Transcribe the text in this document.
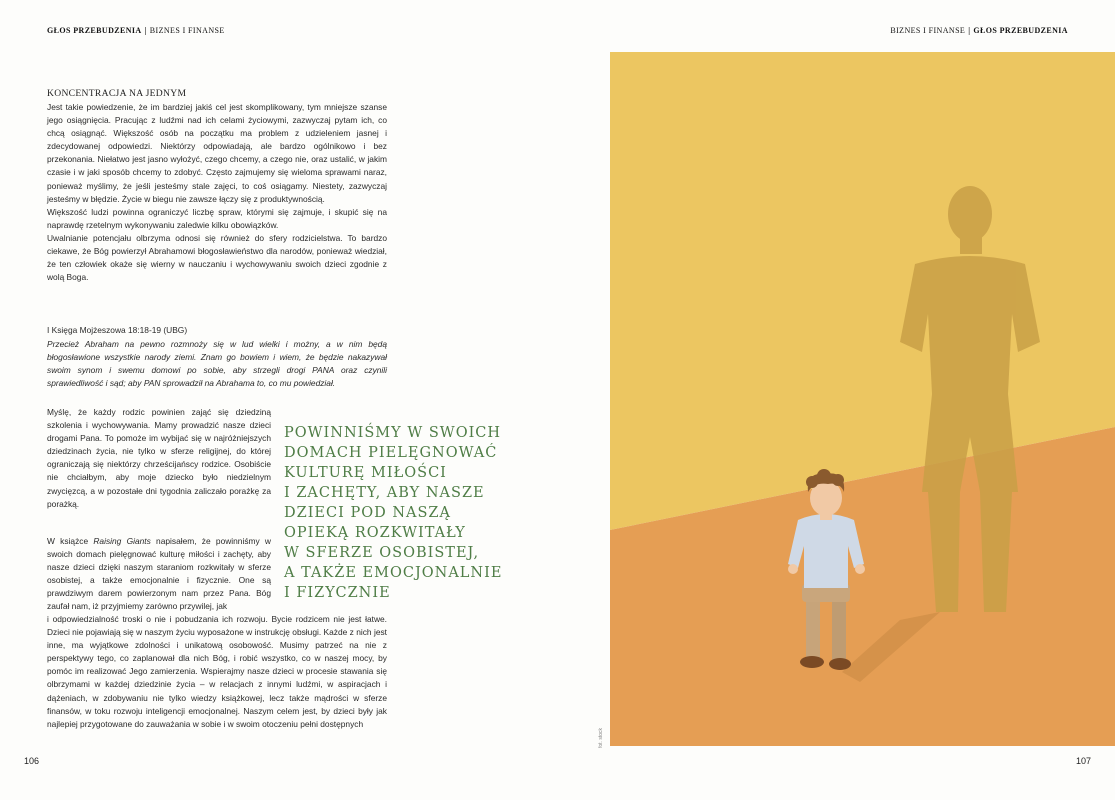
GŁOS PRZEBUDZENIA | BIZNES I FINANSE	BIZNES I FINANSE | GŁOS PRZEBUDZENIA
KONCENTRACJA NA JEDNYM

Jest takie powiedzenie, że im bardziej jakiś cel jest skomplikowany, tym mniejsze szanse jego osiągnięcia. Pracując z ludźmi nad ich celami życiowymi, zazwyczaj pytam ich, co chcą osiągnąć. Większość osób na początku ma problem z udzieleniem jasnej i zdecydowanej odpowiedzi. Niektórzy odpowiadają, ale bardzo ogólnikowo i bez przekonania. Niełatwo jest jasno wyłożyć, czego chcemy, a czego nie, oraz ustalić, w jakim czasie i w jaki sposób chcemy to zdobyć. Często zajmujemy się wieloma sprawami naraz, ponieważ myślimy, że jeśli jesteśmy stale zajęci, to coś osiągamy. Niestety, zazwyczaj jesteśmy w błędzie. Życie w biegu nie zawsze łączy się z produktywnością.

Większość ludzi powinna ograniczyć liczbę spraw, którymi się zajmuje, i skupić się na naprawdę rzetelnym wykonywaniu zaledwie kilku obowiązków.

Uwalnianie potencjału olbrzyma odnosi się również do sfery rodzicielstwa. To bardzo ciekawe, że Bóg powierzył Abrahamowi błogosławieństwo dla narodów, ponieważ wiedział, że ten człowiek okaże się wierny w nauczaniu i wychowywaniu swoich dzieci zgodnie z wolą Boga.

I Księga Mojżeszowa 18:18-19 (UBG)
Przecież Abraham na pewno rozmnoży się w lud wielki i możny, a w nim będą błogosławione wszystkie narody ziemi. Znam go bowiem i wiem, że będzie nakazywał swoim synom i swemu domowi po sobie, aby strzegli drogi PANA oraz czynili sprawiedliwość i sąd; aby PAN sprowadził na Abrahama to, co mu powiedział.
Myślę, że każdy rodzic powinien zająć się dziedziną szkolenia i wychowywania. Mamy prowadzić nasze dzieci drogami Pana. To pomoże im wybijać się w najróżniejszych dziedzinach życia, nie tylko w sferze religijnej, do której ograniczają się niektórzy chrześcijańscy rodzice. Osobiście nie chciałbym, aby moje dziecko było niedzielnym zwycięzcą, a w pozostałe dni tygodnia zaliczało porażkę za porażką.
W książce Raising Giants napisałem, że powinniśmy w swoich domach pielęgnować kulturę miłości i zachęty, aby nasze dzieci dzięki naszym staraniom rozkwitały w sferze osobistej, a także emocjonalnie i fizycznie. One są prawdziwym darem powierzonym nam przez Pana. Bóg zaufał nam, iż przyjmiemy zarówno przywilej, jak
i odpowiedzialność troski o nie i pobudzania ich rozwoju. Bycie rodzicem nie jest łatwe. Dzieci nie pojawiają się w naszym życiu wyposażone w instrukcję obsługi. Każde z nich jest inne, ma wyjątkowe zdolności i unikatową osobowość. Musimy patrzeć na nie z perspektywy tego, co zaplanował dla nich Bóg, i robić wszystko, co w naszej mocy, by pomóc im realizować Jego zamierzenia. Wspierajmy nasze dzieci w procesie stawania się olbrzymami w każdej dziedzinie życia – w relacjach z innymi ludźmi, w aspiracjach i dążeniach, w zdobywaniu nie tylko wiedzy książkowej, lecz także mądrości w sferze finansów, w toku rozwoju inteligencji emocjonalnej. Naszym celem jest, by dzieci były jak najlepiej przygotowane do zauważania w sobie i w swoim otoczeniu pełni dostępnych
POWINNIŚMY W SWOICH
DOMACH PIELĘGNOWAĆ
KULTURĘ MIŁOŚCI
I ZACHĘTY, ABY NASZE
DZIECI POD NASZĄ
OPIEKĄ ROZKWITAŁY
W SFERZE OSOBISTEJ,
A TAKŻE EMOCJONALNIE
I FIZYCZNIE
fot. stock
106	107
